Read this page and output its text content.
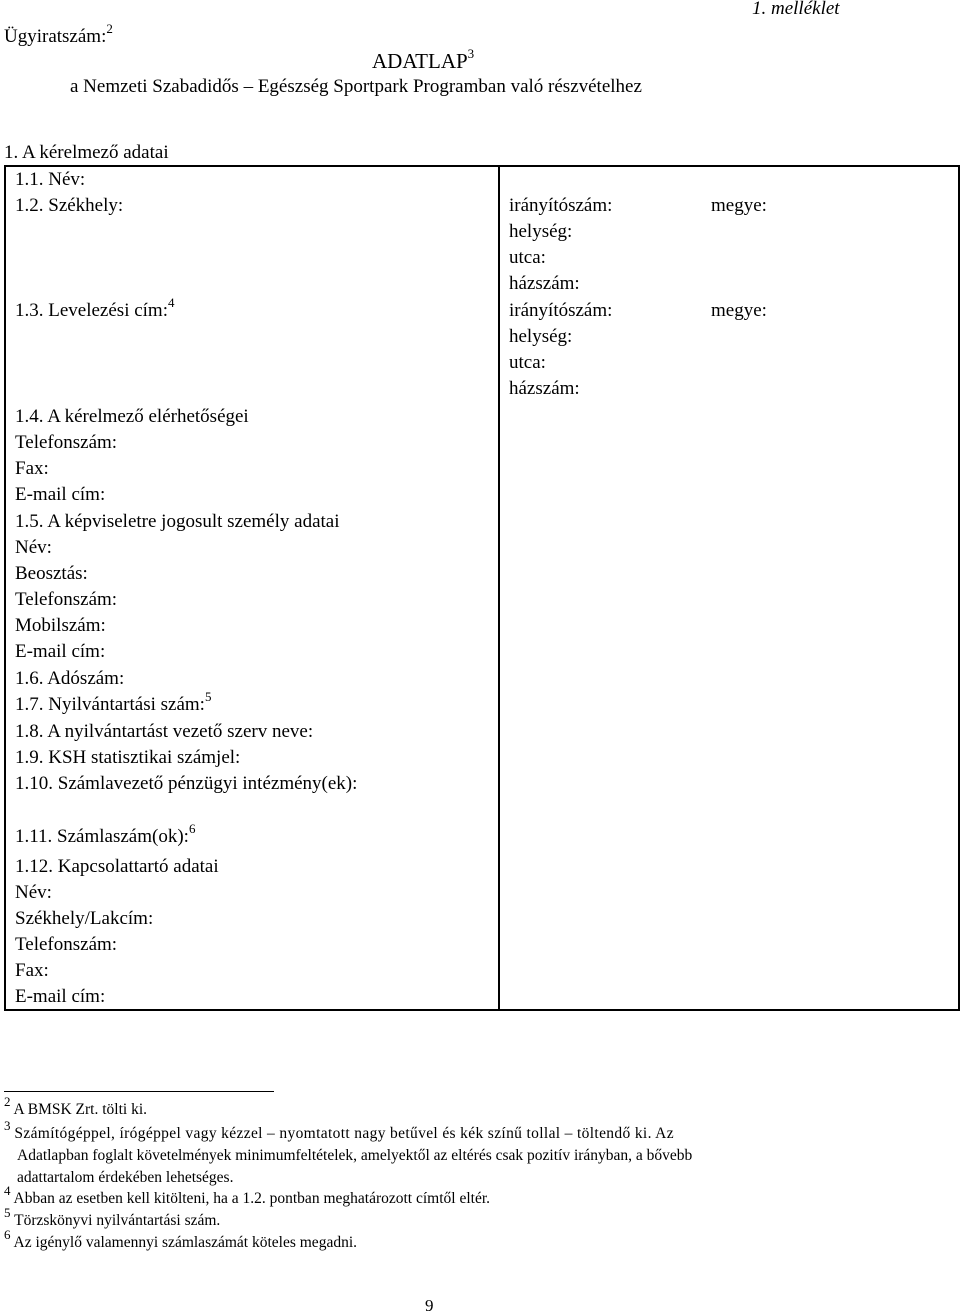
1. melléklet
Ügyiratszám:$^2$
ADATLAP$^3$
a Nemzeti Szabadidős – Egészség Sportpark Programban való részvételhez
1. A kérelmező adatai
1.1. Név:
1.2. Székhely:
1.3. Levelezési cím:$^4$
1.4. A kérelmező elérhetőségei
Telefonszám:
Fax:
E-mail cím:
1.5. A képviseletre jogosult személy adatai
Név:
Beosztás:
Telefonszám:
Mobilszám:
E-mail cím:
1.6. Adószám:
1.7. Nyilvántartási szám:$^5$
1.8. A nyilvántartást vezető szerv neve:
1.9. KSH statisztikai számjel:
1.10. Számlavezető pénzügyi intézmény(ek):
1.11. Számlaszám(ok):$^6$
1.12. Kapcsolattartó adatai
Név:
Székhely/Lakcím:
Telefonszám:
Fax:
E-mail cím:
irányítószám:	megye:
helység:
utca:
házszám:
irányítószám:	megye:
helység:
utca:
házszám:
$^2$ A BMSK Zrt. tölti ki.
$^3$ Számítógéppel, írógéppel vagy kézzel – nyomtatott nagy betűvel és kék színű tollal – töltendő ki. Az
Adatlapban foglalt követelmények minimumfeltételek, amelyektől az eltérés csak pozitív irányban, a bővebb
adattartalom érdekében lehetséges.
$^4$ Abban az esetben kell kitölteni, ha a 1.2. pontban meghatározott címtől eltér.
$^5$ Törzskönyvi nyilvántartási szám.
$^6$ Az igénylő valamennyi számlaszámát köteles megadni.
9
